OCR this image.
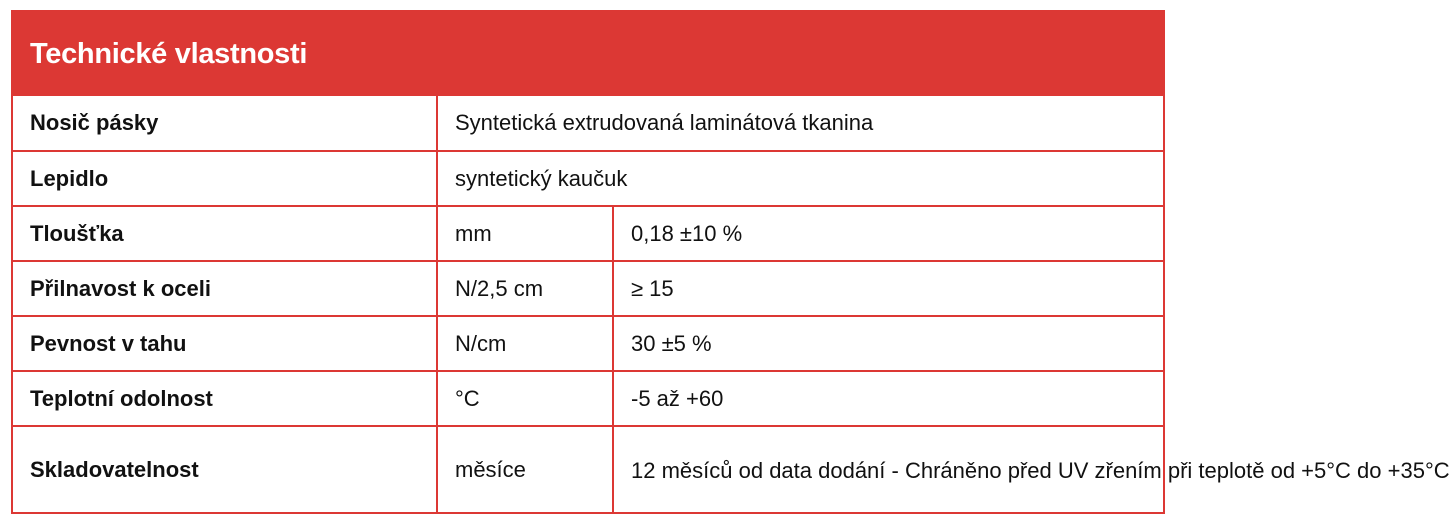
Technické vlastnosti
Nosič pásky	Syntetická extrudovaná laminátová tkanina	
Lepidlo	syntetický kaučuk	
Tloušťka	mm	0,18 ±10 %
Přilnavost k oceli	N/2,5 cm	≥ 15
Pevnost v tahu	N/cm	30 ±5 %
Teplotní odolnost	°C	-5 až +60
Skladovatelnost	měsíce	12 měsíců od data dodání - Chráněno před UV zřením při teplotě od +5°C do +35°C
